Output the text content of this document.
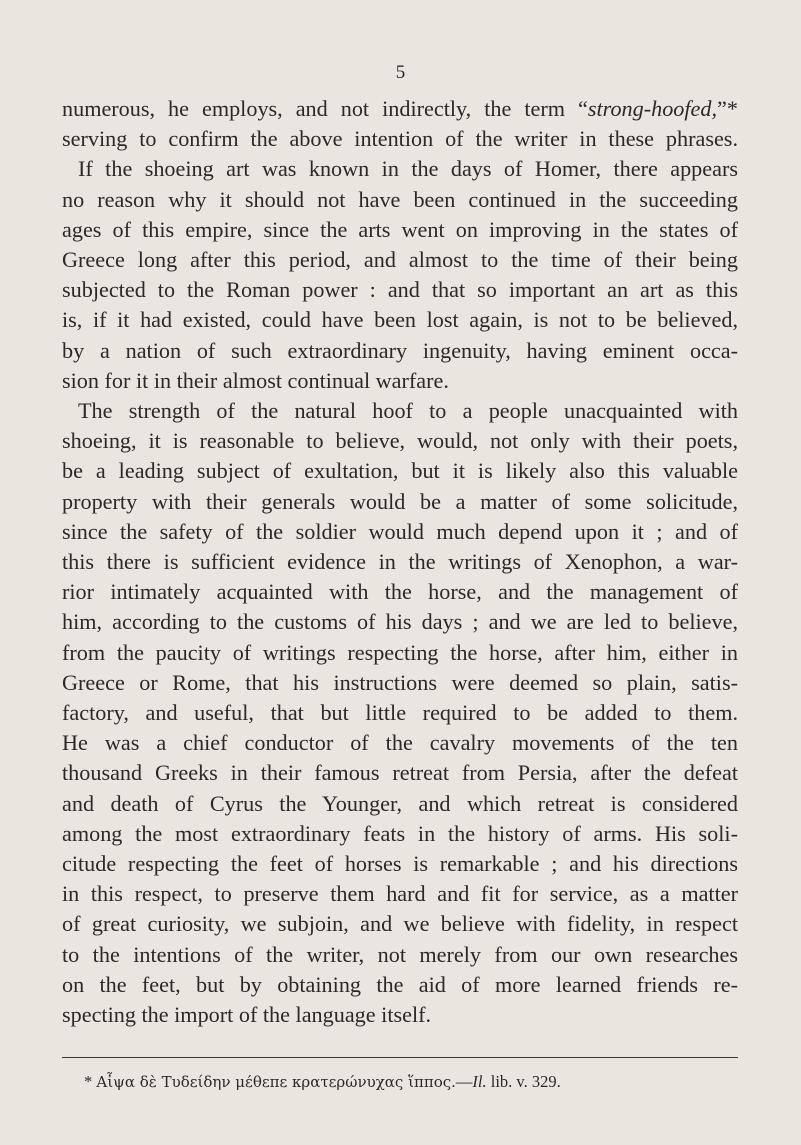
5
numerous, he employs, and not indirectly, the term “strong-hoofed,”*
serving to confirm the above intention of the writer in these phrases.
If the shoeing art was known in the days of Homer, there appears
no reason why it should not have been continued in the succeeding
ages of this empire, since the arts went on improving in the states of
Greece long after this period, and almost to the time of their being
subjected to the Roman power : and that so important an art as this
is, if it had existed, could have been lost again, is not to be believed,
by a nation of such extraordinary ingenuity, having eminent occa-
sion for it in their almost continual warfare.
The strength of the natural hoof to a people unacquainted with
shoeing, it is reasonable to believe, would, not only with their poets,
be a leading subject of exultation, but it is likely also this valuable
property with their generals would be a matter of some solicitude,
since the safety of the soldier would much depend upon it ; and of
this there is sufficient evidence in the writings of Xenophon, a war-
rior intimately acquainted with the horse, and the management of
him, according to the customs of his days ; and we are led to believe,
from the paucity of writings respecting the horse, after him, either in
Greece or Rome, that his instructions were deemed so plain, satis-
factory, and useful, that but little required to be added to them.
He was a chief conductor of the cavalry movements of the ten
thousand Greeks in their famous retreat from Persia, after the defeat
and death of Cyrus the Younger, and which retreat is considered
among the most extraordinary feats in the history of arms. His soli-
citude respecting the feet of horses is remarkable ; and his directions
in this respect, to preserve them hard and fit for service, as a matter
of great curiosity, we subjoin, and we believe with fidelity, in respect
to the intentions of the writer, not merely from our own researches
on the feet, but by obtaining the aid of more learned friends re-
specting the import of the language itself.
* Αἶψα δὲ Τυδείδην μέθεπε κρατερώνυχας ἵππος.—Il. lib. v. 329.
